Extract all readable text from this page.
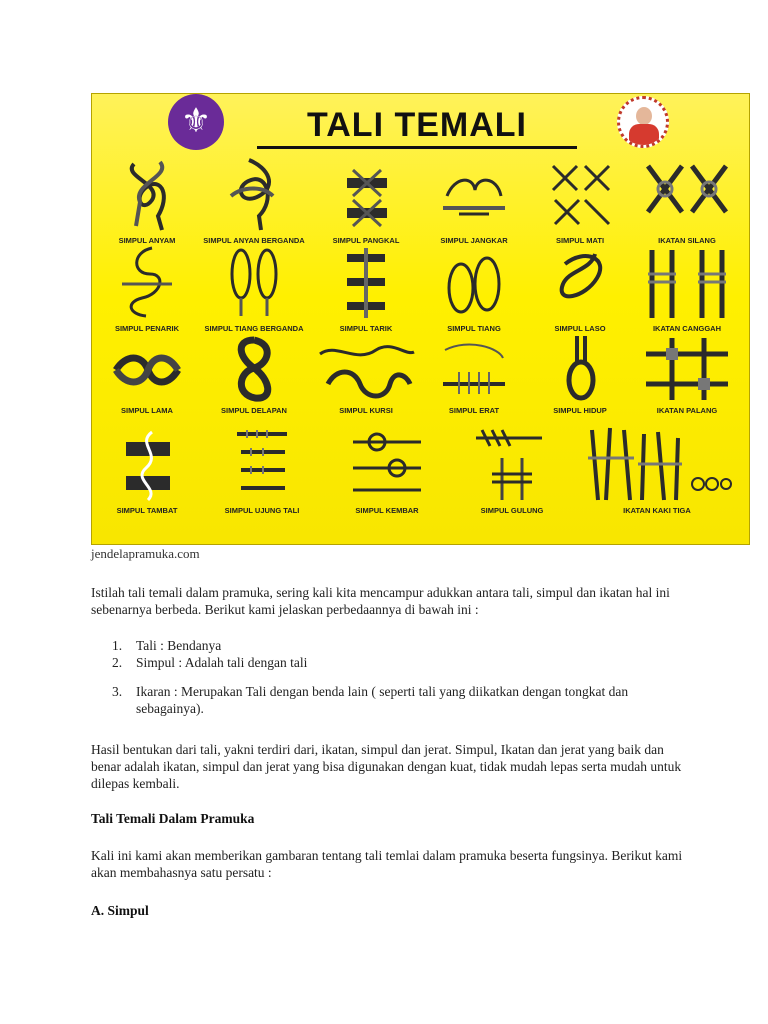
⚜	TALI TEMALI
SIMPUL ANYAM	SIMPUL ANYAN BERGANDA	SIMPUL PANGKAL	SIMPUL JANGKAR	SIMPUL MATI	IKATAN SILANG
SIMPUL PENARIK	SIMPUL TIANG BERGANDA	SIMPUL TARIK	SIMPUL TIANG	SIMPUL LASO	IKATAN CANGGAH
SIMPUL LAMA	SIMPUL DELAPAN	SIMPUL KURSI	SIMPUL ERAT	SIMPUL HIDUP	IKATAN PALANG
SIMPUL TAMBAT	SIMPUL UJUNG TALI	SIMPUL KEMBAR	SIMPUL GULUNG	IKATAN KAKI TIGA
jendelapramuka.com

Istilah tali temali dalam pramuka, sering kali kita mencampur adukkan antara tali, simpul dan ikatan hal ini sebenarnya berbeda. Berikut kami jelaskan perbedaannya di bawah ini :

1. Tali : Bendanya
2. Simpul : Adalah tali dengan tali
3. Ikaran : Merupakan Tali dengan benda lain ( seperti tali yang diikatkan dengan tongkat dan sebagainya).

Hasil bentukan dari tali, yakni terdiri dari, ikatan, simpul dan jerat. Simpul, Ikatan dan jerat yang baik dan benar adalah ikatan, simpul dan jerat yang bisa digunakan dengan kuat, tidak mudah lepas serta mudah untuk dilepas kembali.

Tali Temali Dalam Pramuka

Kali ini kami akan memberikan gambaran tentang tali temlai dalam pramuka beserta fungsinya. Berikut kami akan membahasnya satu persatu :

A. Simpul
